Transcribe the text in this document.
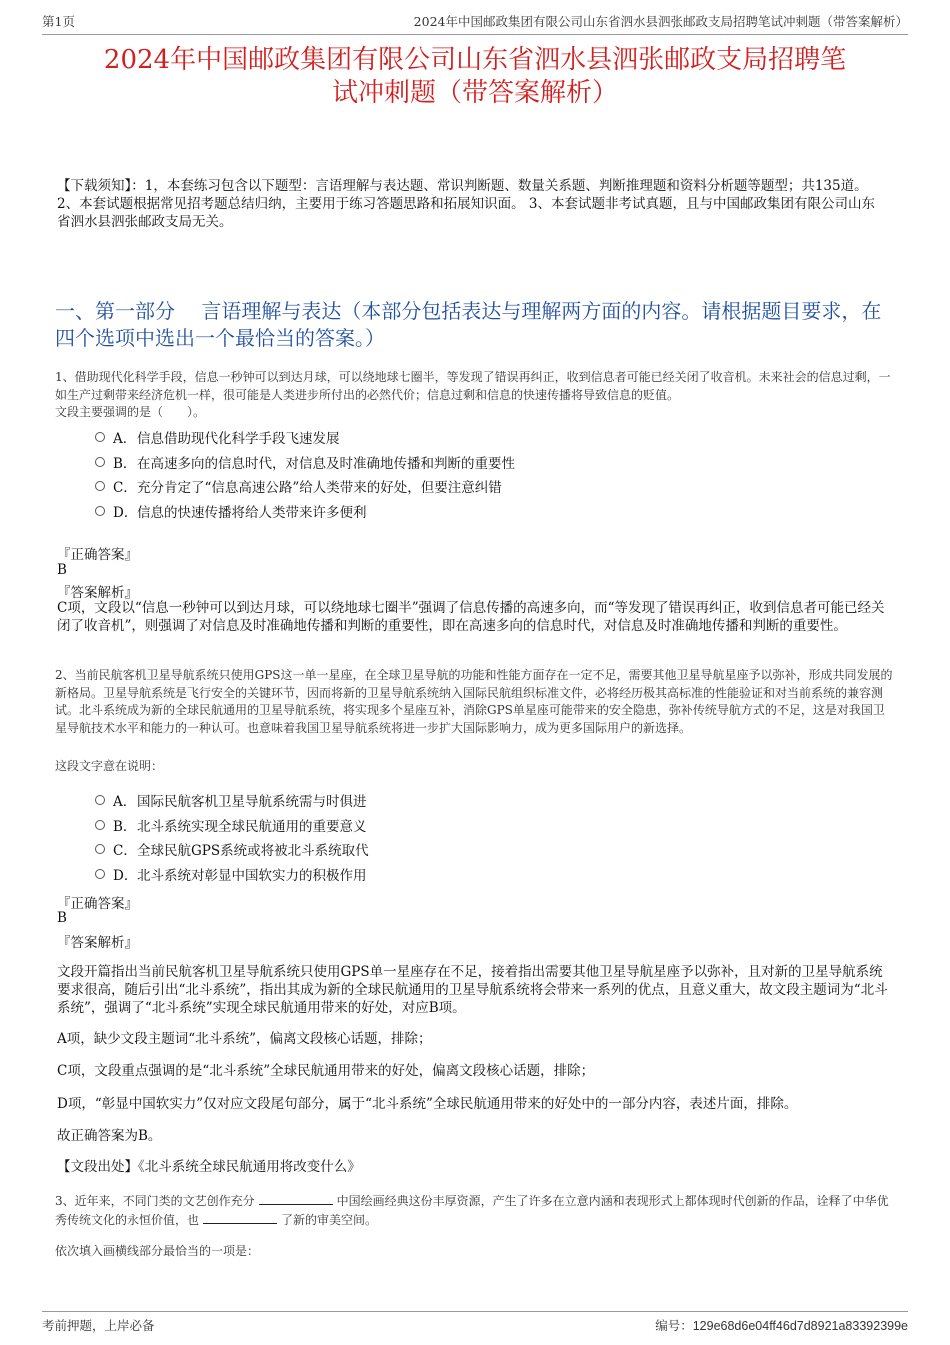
第1页	2024年中国邮政集团有限公司山东省泗水县泗张邮政支局招聘笔试冲刺题（带答案解析）
2024年中国邮政集团有限公司山东省泗水县泗张邮政支局招聘笔
试冲刺题（带答案解析）
【下载须知】：1，本套练习包含以下题型：言语理解与表达题、常识判断题、数量关系题、判断推理题和资料分析题等题型；共135道。 2、本套试题根据常见招考题总结归纳，主要用于练习答题思路和拓展知识面。 3、本套试题非考试真题，且与中国邮政集团有限公司山东省泗水县泗张邮政支局无关。
一、第一部分　 言语理解与表达（本部分包括表达与理解两方面的内容。请根据题目要求，在四个选项中选出一个最恰当的答案。）
1、借助现代化科学手段，信息一秒钟可以到达月球，可以绕地球七圈半，等发现了错误再纠正，收到信息者可能已经关闭了收音机。未来社会的信息过剩，一如生产过剩带来经济危机一样，很可能是人类进步所付出的必然代价；信息过剩和信息的快速传播将导致信息的贬值。
文段主要强调的是（　　）。
A． 信息借助现代化科学手段飞速发展
B． 在高速多向的信息时代，对信息及时准确地传播和判断的重要性
C． 充分肯定了“信息高速公路”给人类带来的好处，但要注意纠错
D． 信息的快速传播将给人类带来许多便利
『正确答案』
B
『答案解析』
C项，文段以“信息一秒钟可以到达月球，可以绕地球七圈半”强调了信息传播的高速多向，而“等发现了错误再纠正，收到信息者可能已经关闭了收音机”，则强调了对信息及时准确地传播和判断的重要性，即在高速多向的信息时代，对信息及时准确地传播和判断的重要性。
2、当前民航客机卫星导航系统只使用GPS这一单一星座，在全球卫星导航的功能和性能方面存在一定不足，需要其他卫星导航星座予以弥补，形成共同发展的新格局。卫星导航系统是飞行安全的关键环节，因而将新的卫星导航系统纳入国际民航组织标准文件，必将经历极其高标准的性能验证和对当前系统的兼容测试。北斗系统成为新的全球民航通用的卫星导航系统，将实现多个星座互补，消除GPS单星座可能带来的安全隐患，弥补传统导航方式的不足，这是对我国卫星导航技术水平和能力的一种认可。也意味着我国卫星导航系统将进一步扩大国际影响力，成为更多国际用户的新选择。
这段文字意在说明：
A． 国际民航客机卫星导航系统需与时俱进
B． 北斗系统实现全球民航通用的重要意义
C． 全球民航GPS系统或将被北斗系统取代
D． 北斗系统对彰显中国软实力的积极作用
『正确答案』
B
『答案解析』
文段开篇指出当前民航客机卫星导航系统只使用GPS单一星座存在不足，接着指出需要其他卫星导航星座予以弥补，且对新的卫星导航系统要求很高，随后引出“北斗系统”，指出其成为新的全球民航通用的卫星导航系统将会带来一系列的优点，且意义重大，故文段主题词为“北斗系统”，强调了“北斗系统”实现全球民航通用带来的好处，对应B项。
A项，缺少文段主题词“北斗系统”，偏离文段核心话题，排除；
C项，文段重点强调的是“北斗系统”全球民航通用带来的好处，偏离文段核心话题，排除；
D项，“彰显中国软实力”仅对应文段尾句部分，属于“北斗系统”全球民航通用带来的好处中的一部分内容，表述片面，排除。
故正确答案为B。
【文段出处】《北斗系统全球民航通用将改变什么》
3、近年来，不同门类的文艺创作充分	中国绘画经典这份丰厚资源，产生了许多在立意内涵和表现形式上都体现时代创新的作品，诠释了中华优秀传统文化的永恒价值，也	了新的审美空间。
依次填入画横线部分最恰当的一项是：
考前押题，上岸必备	编号：129e68d6e04ff46d7d8921a83392399e
